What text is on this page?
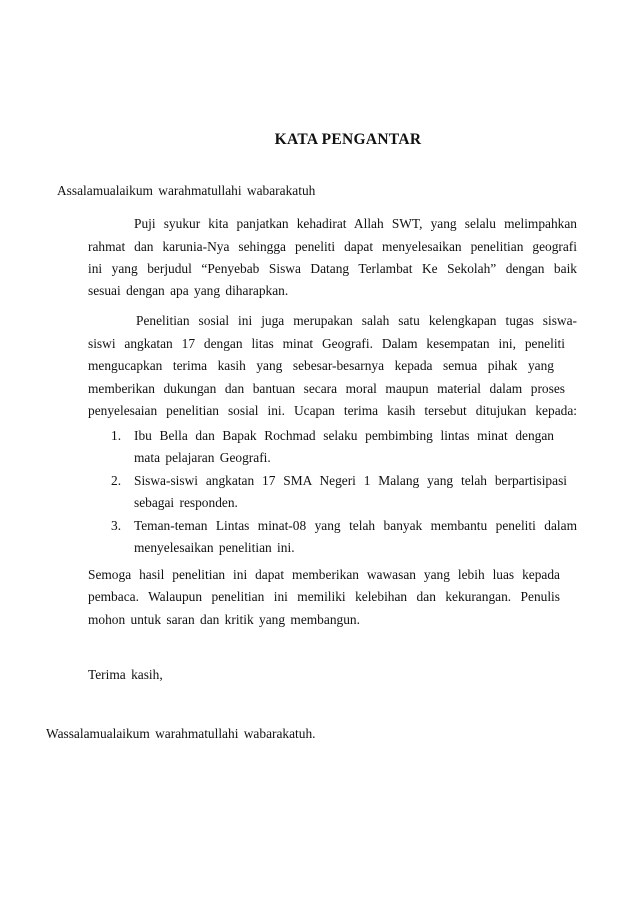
KATA PENGANTAR
Assalamualaikum warahmatullahi wabarakatuh
Puji syukur kita panjatkan kehadirat Allah SWT, yang selalu melimpahkan
rahmat dan karunia-Nya sehingga peneliti dapat menyelesaikan penelitian geografi
ini yang berjudul “Penyebab Siswa Datang Terlambat Ke Sekolah” dengan baik
sesuai dengan apa yang diharapkan.
Penelitian sosial ini juga merupakan salah satu kelengkapan tugas siswa-
siswi angkatan 17 dengan litas minat Geografi. Dalam kesempatan ini, peneliti
mengucapkan terima kasih yang sebesar-besarnya kepada semua pihak yang
memberikan dukungan dan bantuan secara moral maupun material dalam proses
penyelesaian penelitian sosial ini. Ucapan terima kasih tersebut ditujukan kepada:
1. Ibu Bella dan Bapak Rochmad selaku pembimbing lintas minat dengan
mata pelajaran Geografi.
2. Siswa-siswi angkatan 17 SMA Negeri 1 Malang yang telah berpartisipasi
sebagai responden.
3. Teman-teman Lintas minat-08 yang telah banyak membantu peneliti dalam
menyelesaikan penelitian ini.
Semoga hasil penelitian ini dapat memberikan wawasan yang lebih luas kepada
pembaca. Walaupun penelitian ini memiliki kelebihan dan kekurangan. Penulis
mohon untuk saran dan kritik yang membangun.
Terima kasih,
Wassalamualaikum warahmatullahi wabarakatuh.
